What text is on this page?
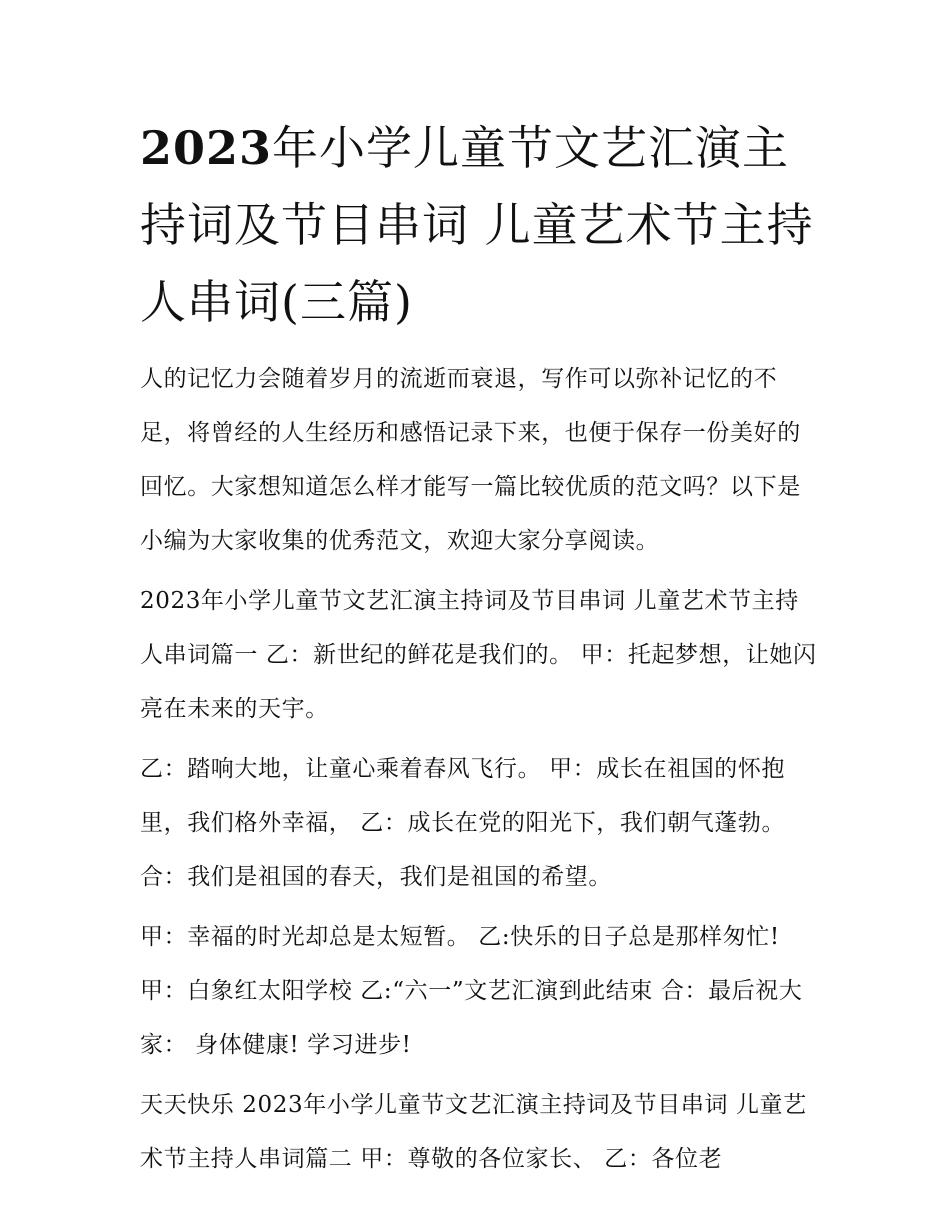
2023年小学儿童节文艺汇演主持词及节目串词 儿童艺术节主持人串词(三篇)

人的记忆力会随着岁月的流逝而衰退，写作可以弥补记忆的不足，将曾经的人生经历和感悟记录下来，也便于保存一份美好的回忆。大家想知道怎么样才能写一篇比较优质的范文吗？以下是小编为大家收集的优秀范文，欢迎大家分享阅读。

2023年小学儿童节文艺汇演主持词及节目串词 儿童艺术节主持人串词篇一 乙：新世纪的鲜花是我们的。 甲：托起梦想，让她闪亮在未来的天宇。

乙：踏响大地，让童心乘着春风飞行。 甲：成长在祖国的怀抱里，我们格外幸福， 乙：成长在党的阳光下，我们朝气蓬勃。 合：我们是祖国的春天，我们是祖国的希望。

甲：幸福的时光却总是太短暂。 乙:快乐的日子总是那样匆忙! 甲：白象红太阳学校 乙:“六一”文艺汇演到此结束 合：最后祝大家： 身体健康! 学习进步!

天天快乐 2023年小学儿童节文艺汇演主持词及节目串词 儿童艺术节主持人串词篇二 甲：尊敬的各位家长、 乙：各位老
